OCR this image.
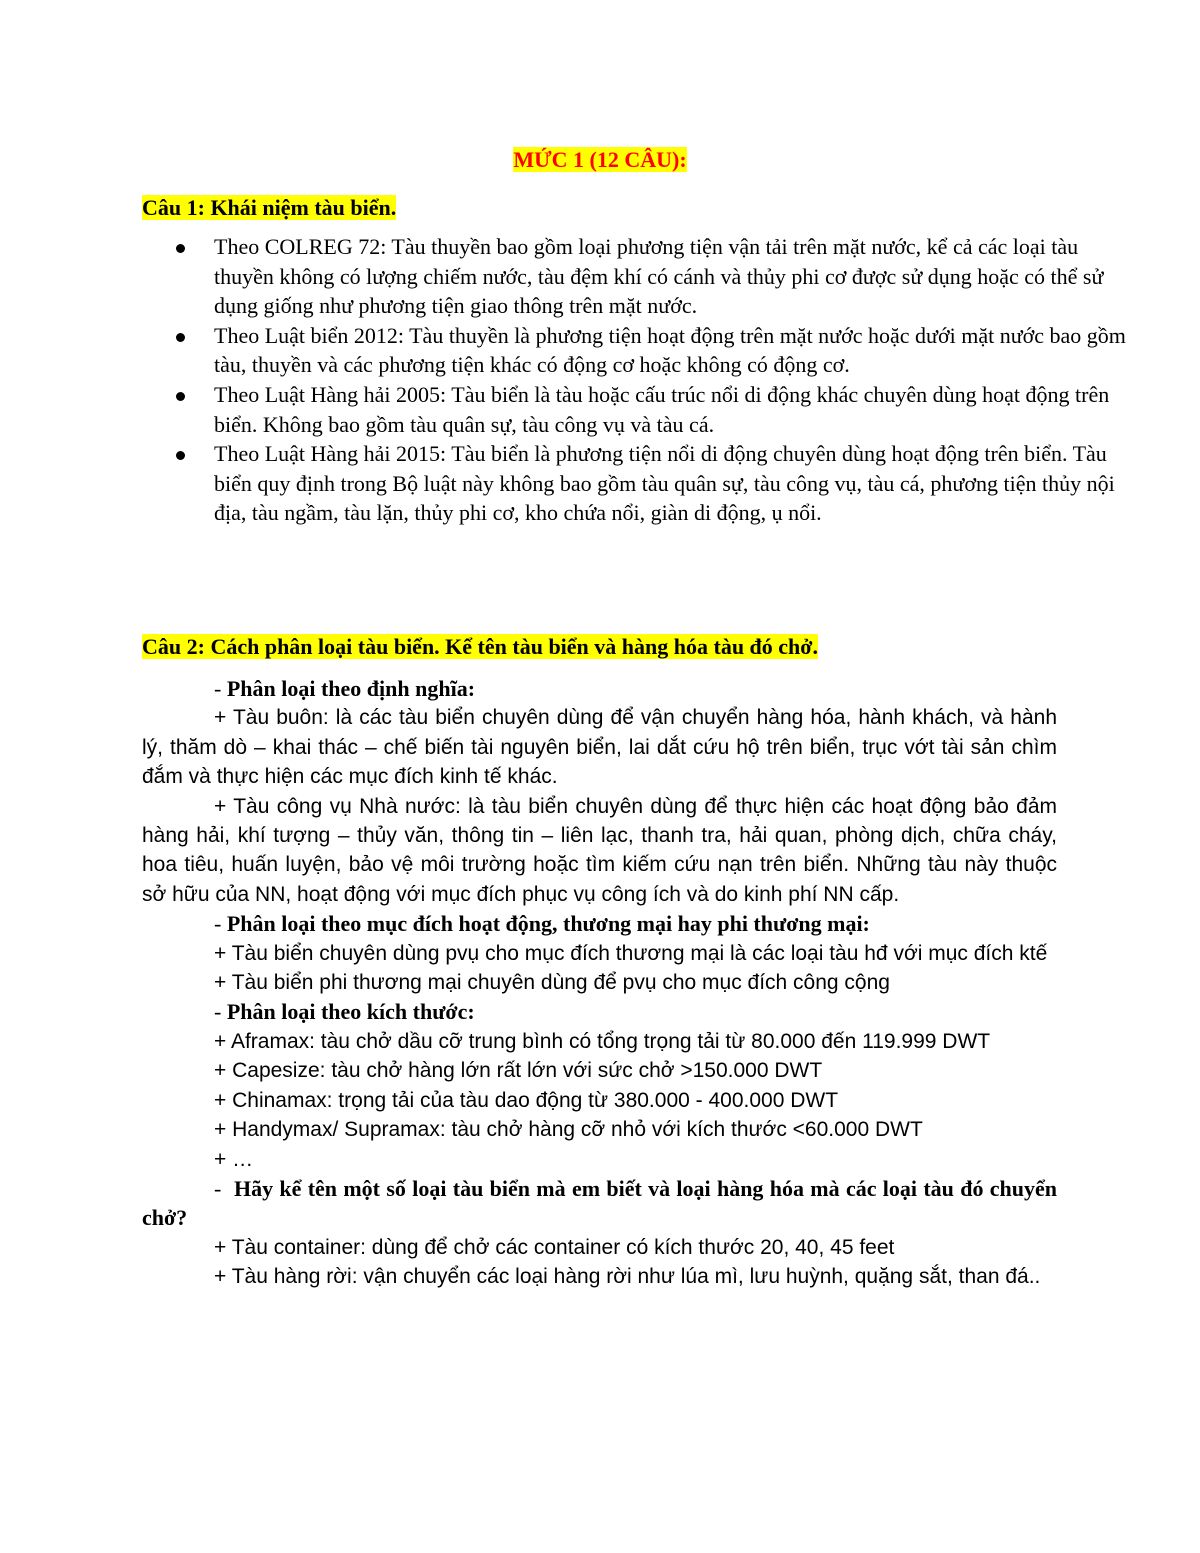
MỨC 1 (12 CÂU):
Câu 1: Khái niệm tàu biển.
Theo COLREG 72: Tàu thuyền bao gồm loại phương tiện vận tải trên mặt nước, kể cả các loại tàu thuyền không có lượng chiếm nước, tàu đệm khí có cánh và thủy phi cơ được sử dụng hoặc có thể sử dụng giống như phương tiện giao thông trên mặt nước.
Theo Luật biển 2012: Tàu thuyền là phương tiện hoạt động trên mặt nước hoặc dưới mặt nước bao gồm tàu, thuyền và các phương tiện khác có động cơ hoặc không có động cơ.
Theo Luật Hàng hải 2005: Tàu biển là tàu hoặc cấu trúc nổi di động khác chuyên dùng hoạt động trên biển. Không bao gồm tàu quân sự, tàu công vụ và tàu cá.
Theo Luật Hàng hải 2015: Tàu biển là phương tiện nổi di động chuyên dùng hoạt động trên biển. Tàu biển quy định trong Bộ luật này không bao gồm tàu quân sự, tàu công vụ, tàu cá, phương tiện thủy nội địa, tàu ngầm, tàu lặn, thủy phi cơ, kho chứa nổi, giàn di động, ụ nổi.
Câu 2: Cách phân loại tàu biển. Kể tên tàu biển và hàng hóa tàu đó chở.

- Phân loại theo định nghĩa:

+ Tàu buôn: là các tàu biển chuyên dùng để vận chuyển hàng hóa, hành khách, và hành lý, thăm dò – khai thác – chế biến tài nguyên biển, lai dắt cứu hộ trên biển, trục vớt tài sản chìm đắm và thực hiện các mục đích kinh tế khác.

+ Tàu công vụ Nhà nước: là tàu biển chuyên dùng để thực hiện các hoạt động bảo đảm hàng hải, khí tượng – thủy văn, thông tin – liên lạc, thanh tra, hải quan, phòng dịch, chữa cháy, hoa tiêu, huấn luyện, bảo vệ môi trường hoặc tìm kiếm cứu nạn trên biển. Những tàu này thuộc sở hữu của NN, hoạt động với mục đích phục vụ công ích và do kinh phí NN cấp.

- Phân loại theo mục đích hoạt động, thương mại hay phi thương mại:

+ Tàu biển chuyên dùng pvụ cho mục đích thương mại là các loại tàu hđ với mục đích ktế

+ Tàu biển phi thương mại chuyên dùng để pvụ cho mục đích công cộng

- Phân loại theo kích thước:

+ Aframax: tàu chở dầu cỡ trung bình có tổng trọng tải từ 80.000 đến 119.999 DWT

+ Capesize: tàu chở hàng lớn rất lớn với sức chở >150.000 DWT

+ Chinamax: trọng tải của tàu dao động từ 380.000 - 400.000 DWT

+ Handymax/ Supramax: tàu chở hàng cỡ nhỏ với kích thước <60.000 DWT

+ …

-  Hãy kể tên một số loại tàu biển mà em biết và loại hàng hóa mà các loại tàu đó chuyển chở?

+ Tàu container: dùng để chở các container có kích thước 20, 40, 45 feet

+ Tàu hàng rời: vận chuyển các loại hàng rời như lúa mì, lưu huỳnh, quặng sắt, than đá..
